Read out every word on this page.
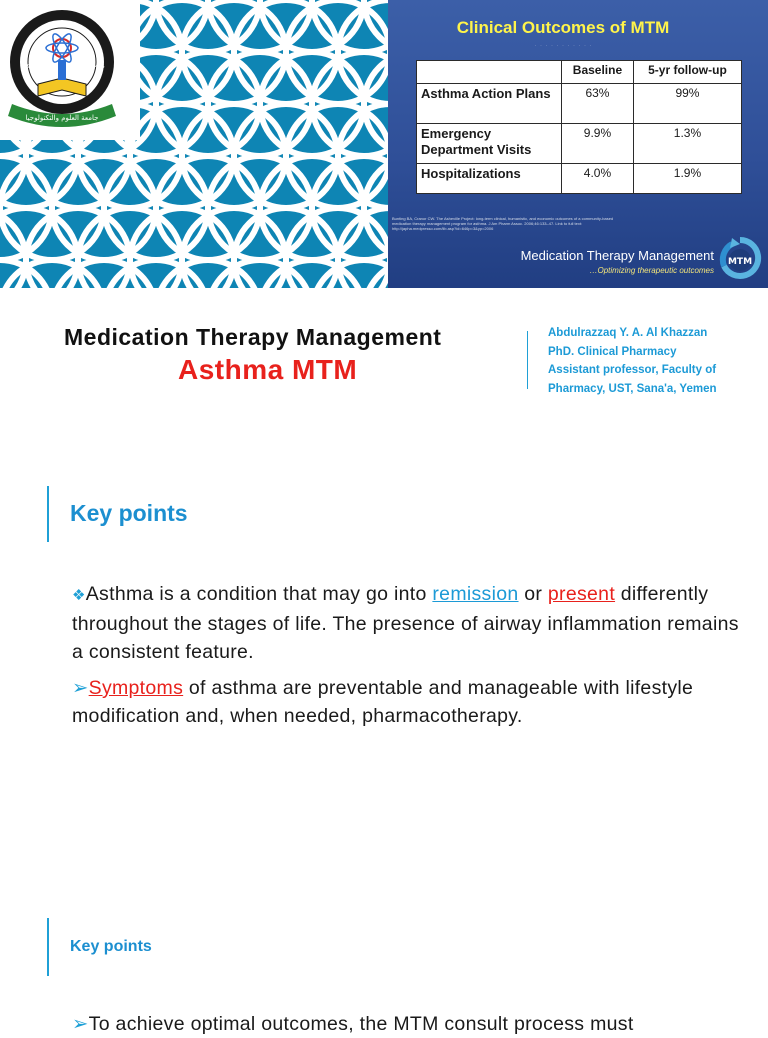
جامعة العلوم والتكنولوجيا
1994	1415
Clinical Outcomes of MTM
· · · · · · · · · · ·
	Baseline	5-yr follow-up
Asthma Action Plans	63%	99%
Emergency Department Visits	9.9%	1.3%
Hospitalizations	4.0%	1.9%
Bunting BA, Cranor CW. The Asheville Project: long-term clinical, humanistic, and economic outcomes of a community-based medication therapy management program for asthma. J Am Pharm Assoc. 2006;46:133–47. Link to full text: http://japha.medpresso.com/lib.asp?id=646p=3&yp=2006
Medication Therapy Management
…Optimizing therapeutic outcomes
MTM
Medication Therapy Management
Asthma MTM
Abdulrazzaq Y. A. Al Khazzan
PhD. Clinical Pharmacy
Assistant professor, Faculty of
Pharmacy, UST, Sana'a, Yemen
Key points
❖Asthma is a condition that may go into remission or present differently throughout the stages of life. The presence of airway inflammation remains a consistent feature.
➢Symptoms of asthma are preventable and manageable with lifestyle modification and, when needed, pharmacotherapy.
Key points
➢To achieve optimal outcomes, the MTM consult process must
